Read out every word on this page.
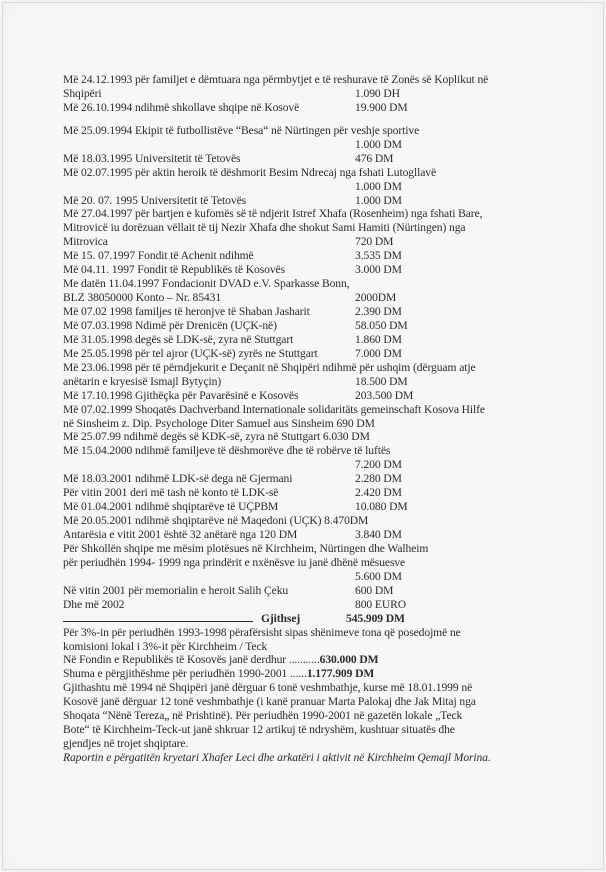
Më 24.12.1993 për familjet e dëmtuara nga përmbytjet e të reshurave të Zonës së Koplikut në
Shqipëri	1.090 DH
Më 26.10.1994 ndihmë shkollave shqipe në Kosovë	19.900 DM
Më 25.09.1994 Ekipit të futbollistëve “Besa“ në Nürtingen për veshje sportive
1.000 DM
Më 18.03.1995 Universitetit të Tetovës	476 DM
Më 02.07.1995 për aktin heroik të dëshmorit Besim Ndrecaj nga fshati Lutogllavë
1.000 DM
Më 20. 07. 1995 Universitetit të Tetovës	1.000 DM
Më 27.04.1997 për bartjen e kufomës së të ndjerit Istref Xhafa (Rosenheim) nga fshati Bare,
Mitrovicë iu dorëzuan vëllait të tij Nezir Xhafa dhe shokut Sami Hamiti (Nürtingen) nga
Mitrovica	720 DM
Më 15. 07.1997 Fondit të Achenit ndihmë	3.535 DM
Më 04.11. 1997 Fondit të Republikës të Kosovës	3.000 DM
Me datën 11.04.1997 Fondacionit DVAD e.V. Sparkasse Bonn,
BLZ 38050000 Konto – Nr. 85431	2000DM
Më 07.02 1998 familjes të heronjve të Shaban Jasharit	2.390 DM
Më 07.03.1998 Ndimë për Drenicën (UÇK-në)	58.050 DM
Më 31.05.1998 degës së LDK-së, zyra në Stuttgart	1.860 DM
Me 25.05.1998 për tel ajror (UÇK-së) zyrës ne Stuttgart	7.000 DM
Më 23.06.1998 për të përndjekurit e Deçanit në Shqipëri ndihmë për ushqim (dërguam atje
anëtarin e kryesisë Ismajl Bytyçin)	18.500 DM
Më 17.10.1998 Gjithëçka për Pavarësinë e Kosovës	203.500 DM
Më 07.02.1999 Shoqatës Dachverband Internationale solidaritäts gemeinschaft Kosova Hilfe
në Sinsheim z. Dip. Psychologe Diter Samuel aus Sinsheim 690 DM
Më 25.07.99 ndihmë degës së KDK-së, zyra në Stuttgart 6.030 DM
Më 15.04.2000 ndihmë familjeve të dëshmorëve dhe të robërve të luftës
7.200 DM
Më 18.03.2001 ndihmë LDK-së dega në Gjermani	2.280 DM
Për vitin 2001 deri më tash në konto të LDK-së	2.420 DM
Më 01.04.2001 ndihmë shqiptarëve të UÇPBM	10.080 DM
Më 20.05.2001 ndihmë shqiptarëve në Maqedoni (UÇK) 8.470DM
Antarësia e vitit 2001 është 32 anëtarë nga 120 DM	3.840 DM
Për Shkollën shqipe me mësim plotësues në Kirchheim, Nürtingen dhe Walheim
për periudhën 1994- 1999 nga prindërit e nxënësve iu janë dhënë mësuesve
5.600 DM
Në vitin 2001 për memorialin e heroit Salih Çeku	600 DM
Dhe më 2002	800 EURO
Gjithsej	545.909 DM
Për 3%-in për periudhën 1993-1998 përafërsisht sipas shënimeve tona që posedojmë ne
komisioni lokal i 3%-it për Kirchheim / Teck
Në Fondin e Republikës të Kosovës janë derdhur ...........630.000 DM
Shuma e përgjithëshme për periudhën 1990-2001 ......1.177.909 DM
Gjithashtu më 1994 në Shqipëri janë dërguar 6 tonë veshmbathje, kurse më 18.01.1999 në
Kosovë janë dërguar 12 tonë veshmbathje (i kanë pranuar Marta Palokaj dhe Jak Mitaj nga
Shoqata “Nënë Tereza„ në Prishtinë). Për periudhën 1990-2001 në gazetën lokale „Teck
Bote“ të Kirchheim-Teck-ut janë shkruar 12 artikuj të ndryshëm, kushtuar situatës dhe
gjendjes në trojet shqiptare.
Raportin e përgatitën kryetari Xhafer Leci dhe arkatëri i aktivit në Kirchheim Qemajl Morina.
